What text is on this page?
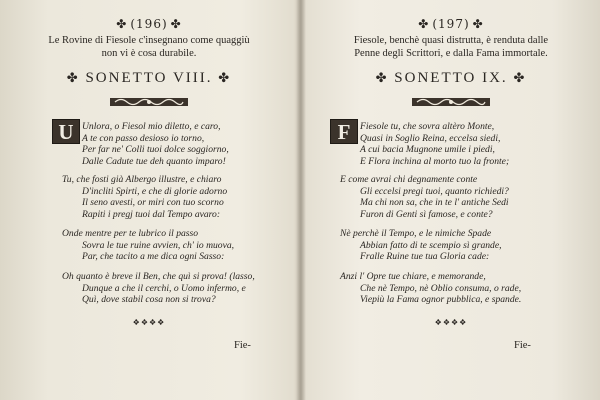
✤ (196) ✤
Le Rovine di Fiesole c'insegnano come quaggiù
non vi è cosa durabile.
✤ SONETTO VIII. ✤
U Unlora, o Fiesol mio diletto, e caro,
A te con passo desioso io torno,
Per far ne' Colli tuoi dolce soggiorno,
Dalle Cadute tue deh quanto imparo!
Tu, che fosti già Albergo illustre, e chiaro
D'incliti Spirti, e che di glorie adorno
Il seno avesti, or miri con tuo scorno
Rapiti i pregj tuoi dal Tempo avaro:
Onde mentre per te lubrico il passo
Sovra le tue ruine avvien, ch' io muova,
Par, che tacito a me dica ogni Sasso:
Oh quanto è breve il Ben, che quì si prova! (lasso,
Dunque a che il cerchi, o Uomo infermo, e
Quì, dove stabil cosa non si trova?
❖❖❖❖
Fie-
✤ (197) ✤
Fiesole, benchè quasi distrutta, è renduta dalle
Penne degli Scrittori, e dalla Fama immortale.
✤ SONETTO IX. ✤
F Fiesole tu, che sovra altèro Monte,
Quasi in Soglio Reina, eccelsa siedi,
A cui bacia Mugnone umile i piedi,
E Flora inchina al morto tuo la fronte;
E come avrai chi degnamente conte
Gli eccelsi pregi tuoi, quanto richiedi?
Ma chi non sa, che in te l' antiche Sedi
Furon di Genti sì famose, e conte?
Nè perchè il Tempo, e le nimiche Spade
Abbian fatto di te scempio sì grande,
Fralle Ruine tue tua Gloria cade:
Anzi l' Opre tue chiare, e memorande,
Che nè Tempo, nè Oblio consuma, o rade,
Viepiù la Fama ognor pubblica, e spande.
❖❖❖❖
Fie-
